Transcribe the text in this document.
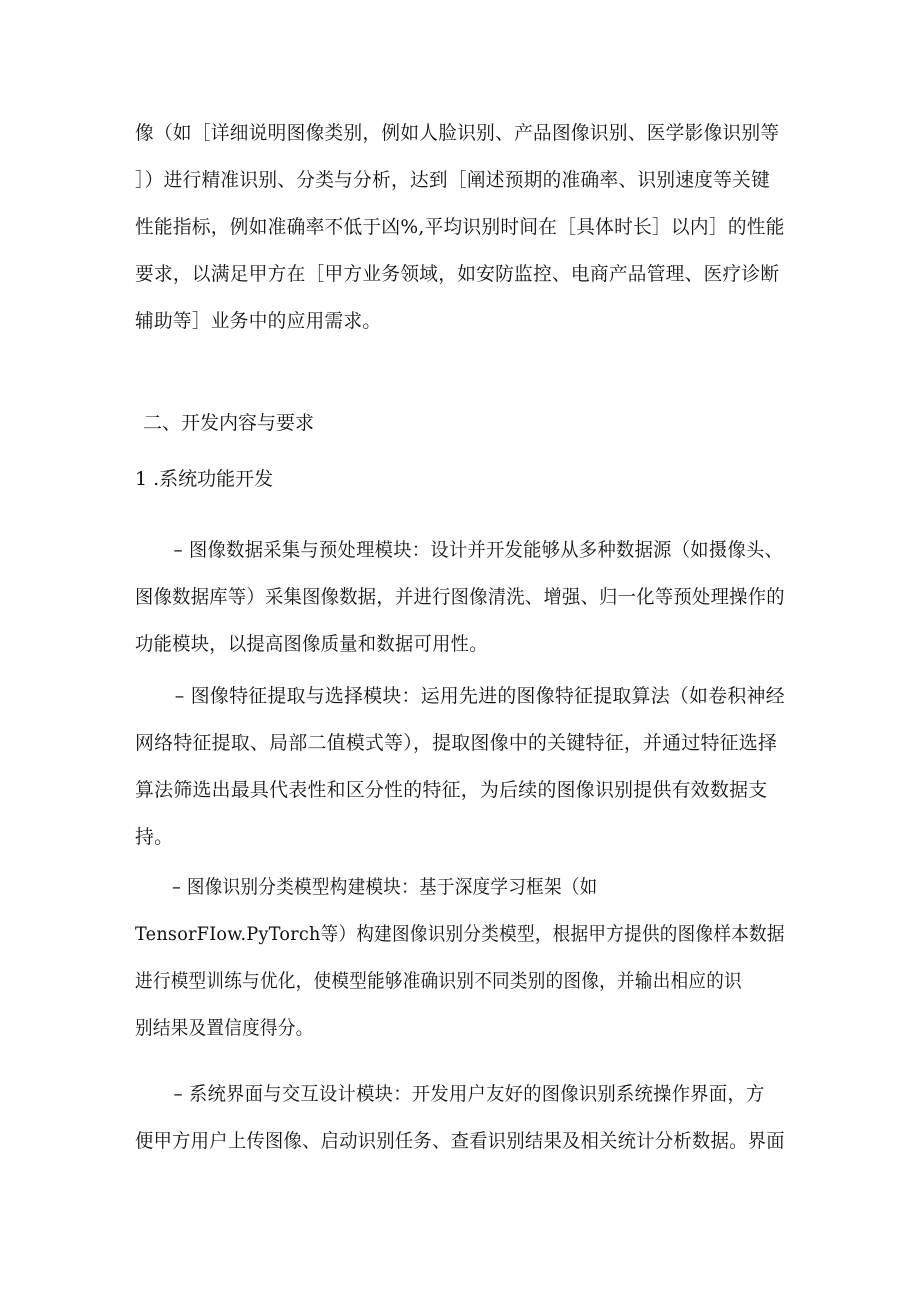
像（如［详细说明图像类别，例如人脸识别、产品图像识别、医学影像识别等
］）进行精准识别、分类与分析，达到［阐述预期的准确率、识别速度等关键
性能指标，例如准确率不低于凶%,平均识别时间在［具体时长］以内］的性能
要求，以满足甲方在［甲方业务领域，如安防监控、电商产品管理、医疗诊断
辅助等］业务中的应用需求。
二、开发内容与要求
1 .系统功能开发
– 图像数据采集与预处理模块：设计并开发能够从多种数据源（如摄像头、
图像数据库等）采集图像数据，并进行图像清洗、增强、归一化等预处理操作的
功能模块，以提高图像质量和数据可用性。
– 图像特征提取与选择模块：运用先进的图像特征提取算法（如卷积神经
网络特征提取、局部二值模式等），提取图像中的关键特征，并通过特征选择
算法筛选出最具代表性和区分性的特征，为后续的图像识别提供有效数据支
持。
– 图像识别分类模型构建模块：基于深度学习框架（如
TensorFIow.PyTorch等）构建图像识别分类模型，根据甲方提供的图像样本数据
进行模型训练与优化，使模型能够准确识别不同类别的图像，并输出相应的识
别结果及置信度得分。
– 系统界面与交互设计模块：开发用户友好的图像识别系统操作界面，方
便甲方用户上传图像、启动识别任务、查看识别结果及相关统计分析数据。界面
